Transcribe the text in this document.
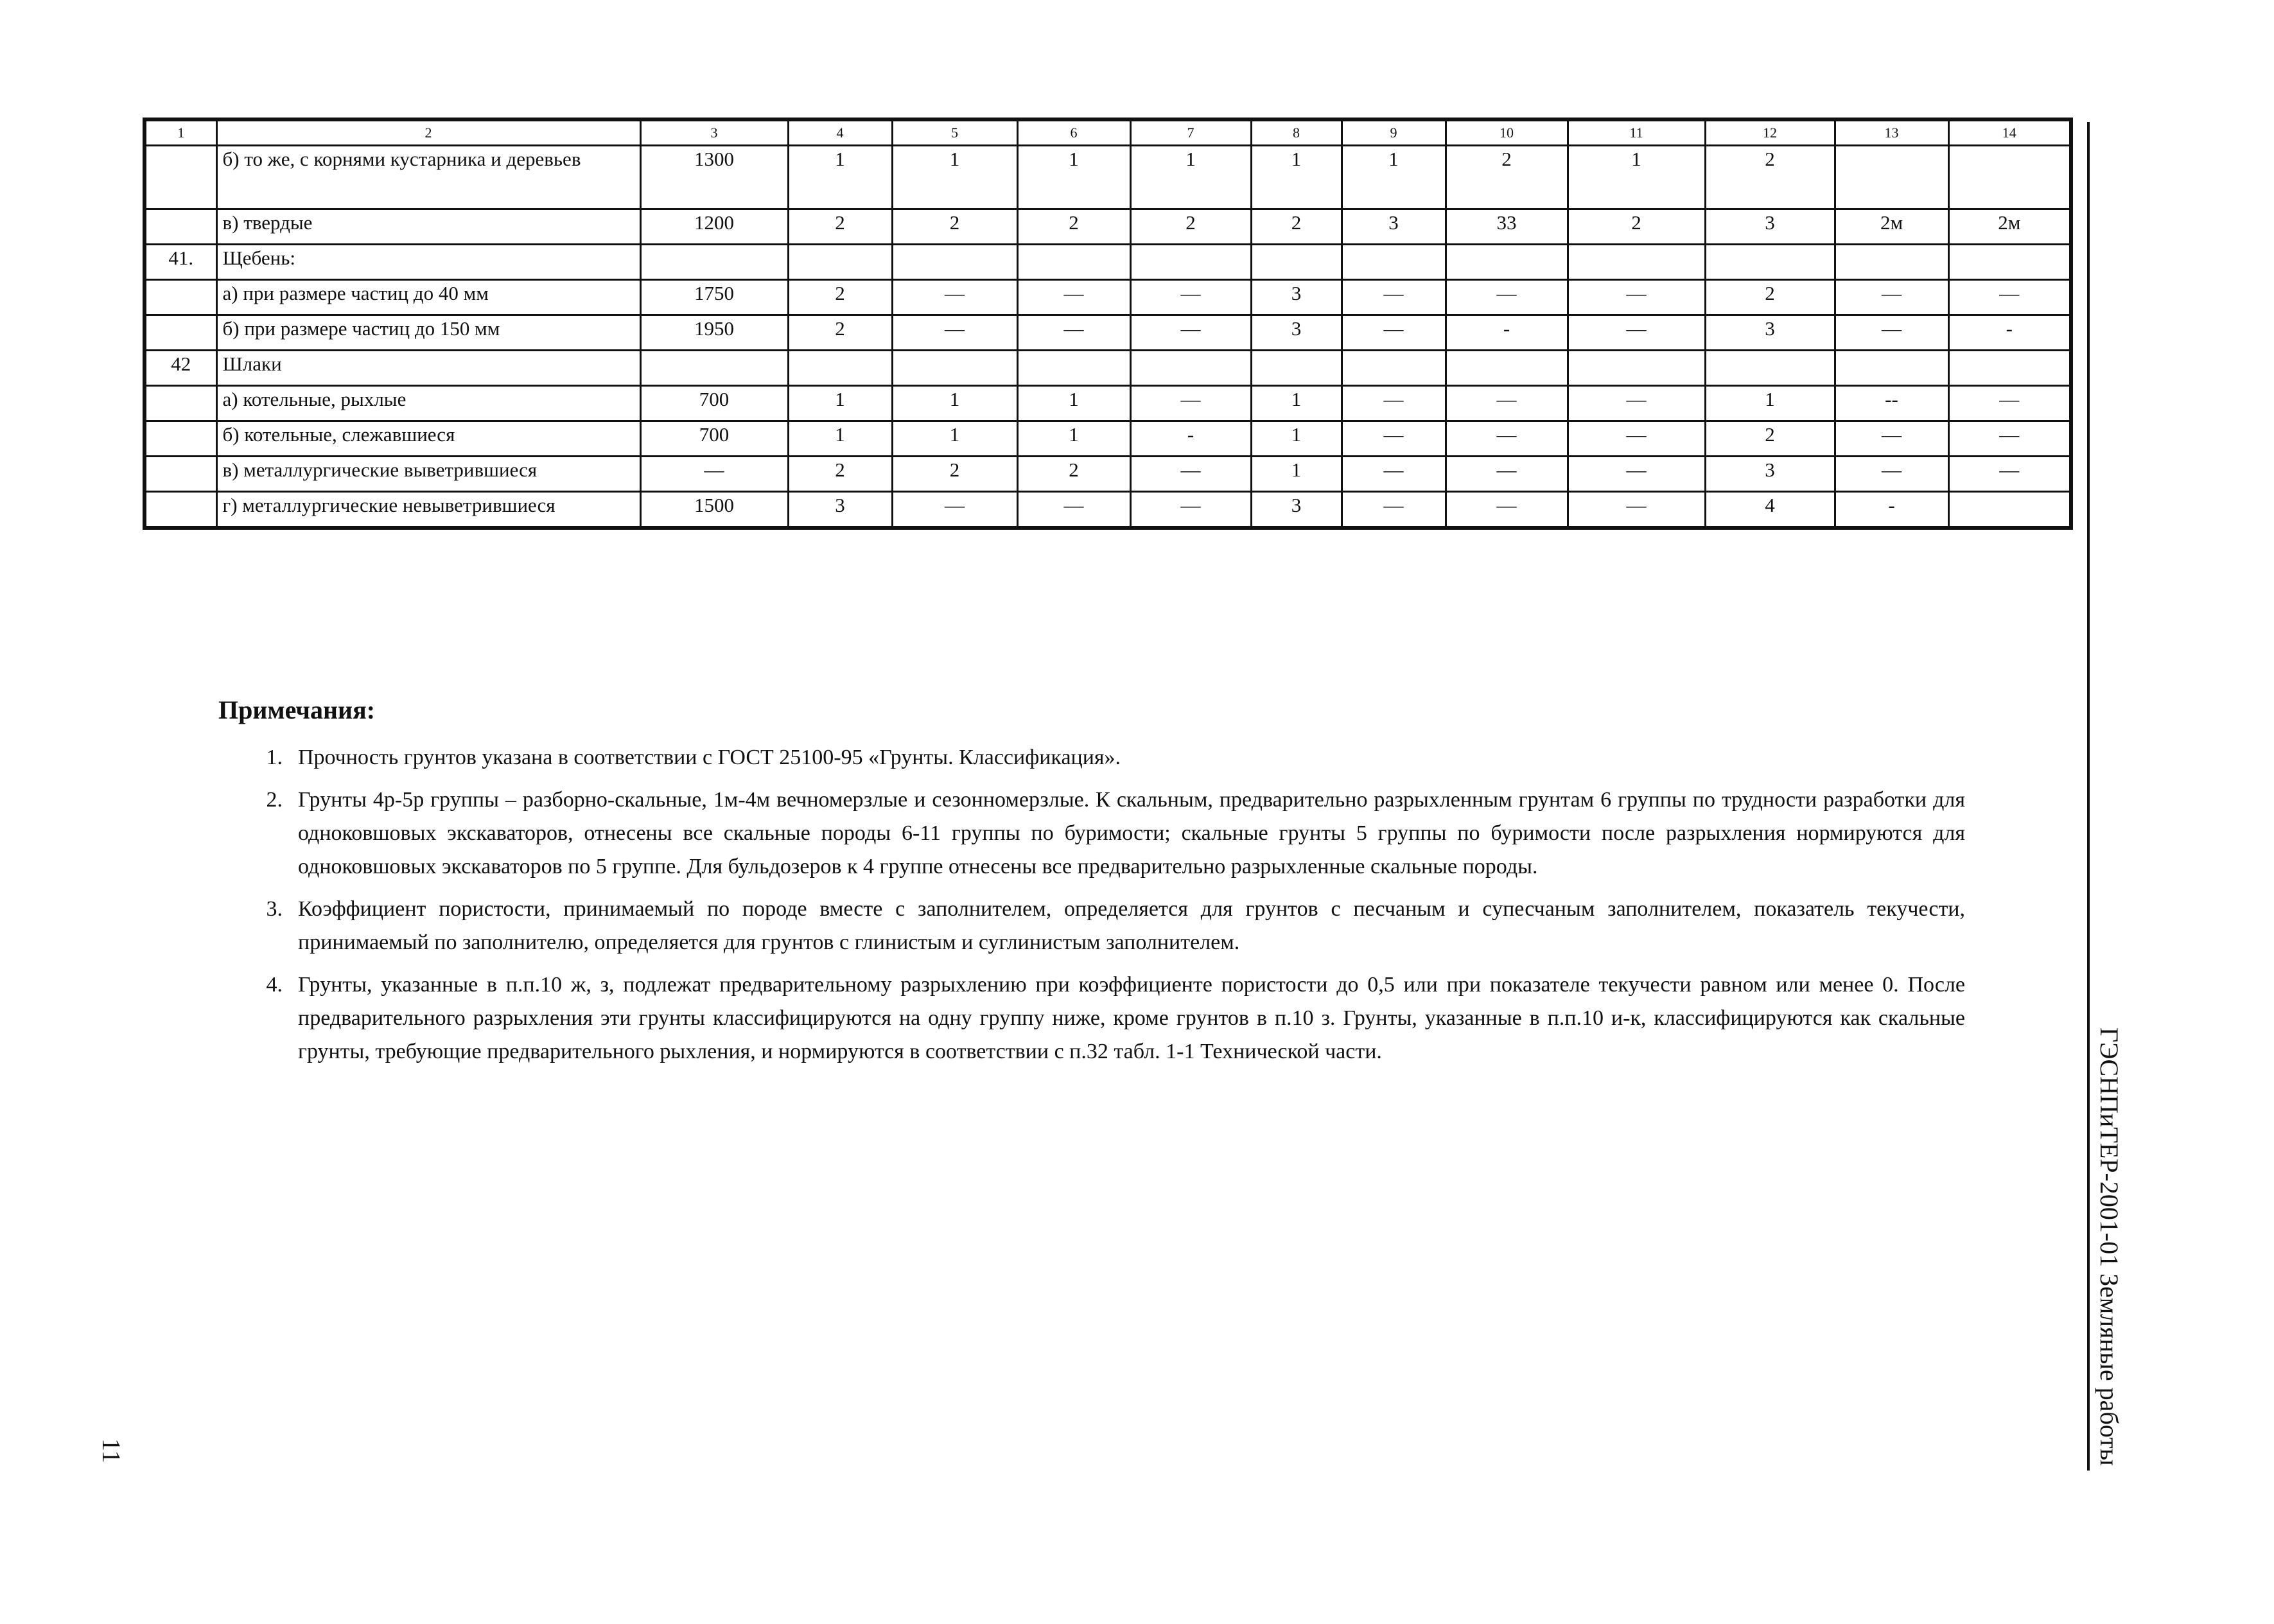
1	2	3	4	5	6	7	8	9	10	11	12	13	14
	б) то же, с корнями кустарника и деревьев	1300	1	1	1	1	1	1	2	1	2		
	в) твердые	1200	2	2	2	2	2	3	33	2	3	2м	2м
41.	Щебень:												
	а) при размере частиц до 40 мм	1750	2	—	—	—	3	—	—	—	2	—	—
	б) при размере частиц до 150 мм	1950	2	—	—	—	3	—	-	—	3	—	-
42	Шлаки												
	а) котельные, рыхлые	700	1	1	1	—	1	—	—	—	1	--	—
	б) котельные, слежавшиеся	700	1	1	1	-	1	—	—	—	2	—	—
	в) металлургические выветрившиеся	—	2	2	2	—	1	—	—	—	3	—	—
	г) металлургические невыветрившиеся	1500	3	—	—	—	3	—	—	—	4	-	
Примечания:
1. Прочность грунтов указана в соответствии с ГОСТ 25100-95 «Грунты. Классификация».
2. Грунты 4р-5р группы – разборно-скальные, 1м-4м вечномерзлые и сезонномерзлые. К скальным, предварительно разрыхленным грунтам 6 группы по трудности разработки для одноковшовых экскаваторов, отнесены все скальные породы 6-11 группы по буримости; скальные грунты 5 группы по буримости после разрыхления нормируются для одноковшовых экскаваторов по 5 группе. Для бульдозеров к 4 группе отнесены все предварительно разрыхленные скальные породы.
3. Коэффициент пористости, принимаемый по породе вместе с заполнителем, определяется для грунтов с песчаным и супесчаным заполнителем, показатель текучести, принимаемый по заполнителю, определяется для грунтов с глинистым и суглинистым заполнителем.
4. Грунты, указанные в п.п.10 ж, з, подлежат предварительному разрыхлению при коэффициенте пористости до 0,5 или при показателе текучести равном или менее 0. После предварительного разрыхления эти грунты классифицируются на одну группу ниже, кроме грунтов в п.10 з. Грунты, указанные в п.п.10 и-к, классифицируются как скальные грунты, требующие предварительного рыхления, и нормируются в соответствии с п.32 табл. 1-1 Технической части.	ГЭСНПиТЕР-2001-01 Земляные работы
11
